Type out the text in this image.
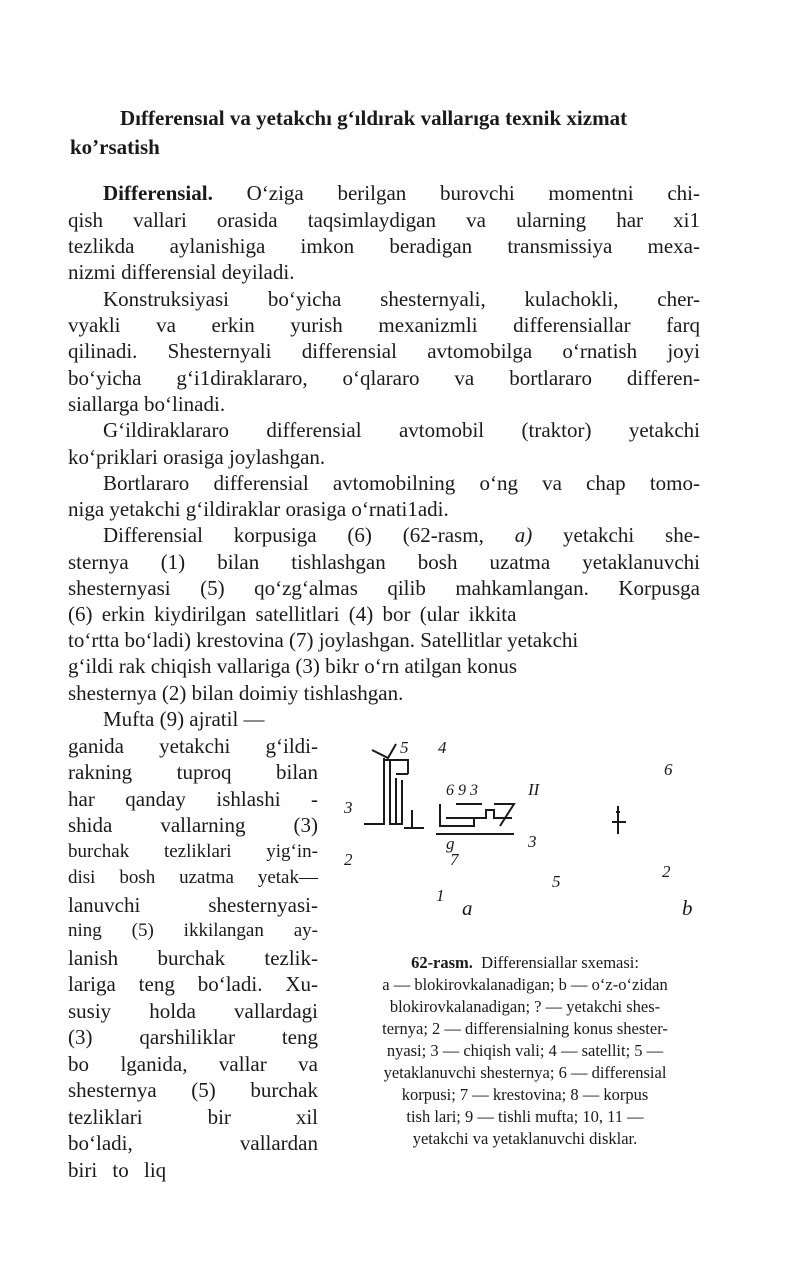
Dıfferensıal va yetakchı g‘ıldırak vallarıga texnik xizmat
ko’rsatish
Differensial. O‘ziga berilgan burovchi momentni chi-
qish vallari orasida taqsimlaydigan va ularning har xi1
tezlikda aylanishiga imkon beradigan transmissiya mexa-
nizmi differensial deyiladi.
Konstruksiyasi bo‘yicha shesternyali, kulachokli, cher-
vyakli va erkin yurish mexanizmli differensiallar farq
qilinadi. Shesternyali differensial avtomobilga o‘rnatish joyi
bo‘yicha g‘i1diraklararo, o‘qlararo va bortlararo differen-
siallarga bo‘linadi.
G‘ildiraklararo differensial avtomobil (traktor) yetakchi
ko‘priklari orasiga joylashgan.
Bortlararo differensial avtomobilning o‘ng va chap tomo-
niga yetakchi g‘ildiraklar orasiga o‘rnati1adi.
Differensial korpusiga (6) (62-rasm, a) yetakchi she-
sternya (1) bilan tishlashgan bosh uzatma yetaklanuvchi
shesternyasi (5) qo‘zg‘almas qilib mahkamlangan. Korpusga
(6) erkin kiydirilgan satellitlari (4) bor (ular ikkita
to‘rtta bo‘ladi) krestovina (7) joylashgan. Satellitlar yetakchi
g‘ildi rak chiqish vallariga (3) bikr o‘rn atilgan konus
shesternya (2) bilan doimiy tishlashgan.
Mufta (9) ajratil —
ganida yetakchi g‘ildi-
rakning tuproq bilan
har qanday ishlashi -
shida vallarning (3)
burchak tezliklari yig‘in-
disi bosh uzatma yetak—
lanuvchi shesternyasi-
ning (5) ikkilangan ay-
lanish burchak tezlik-
lariga teng bo‘ladi. Xu-
susiy holda vallardagi
(3) qarshiliklar teng
bo lganida, vallar va
shesternya (5) burchak
tezliklari bir xil
bo‘ladi, vallardan
biri to liq
5 4
6
6 9 3	II
3
3
g
7
2
2
5
1
a	b
62-rasm. Differensiallar sxemasi:
a — blokirovkalanadigan; b — o‘z-o‘zidan
blokirovkalanadigan; ? — yetakchi shes-
ternya; 2 — differensialning konus shester-
nyasi; 3 — chiqish vali; 4 — satellit; 5 —
yetaklanuvchi shesternya; 6 — differensial
korpusi; 7 — krestovina; 8 — korpus
tish lari; 9 — tishli mufta; 10, 11 —
yetakchi va yetaklanuvchi disklar.
